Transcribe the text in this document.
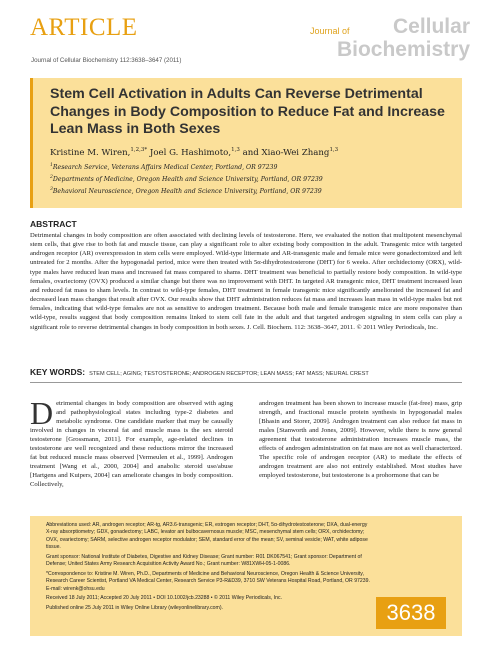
ARTICLE
Journal of Cellular Biochemistry 112:3638–3647 (2011)
Journal of	Cellular
Biochemistry
Stem Cell Activation in Adults Can Reverse Detrimental Changes in Body Composition to Reduce Fat and Increase Lean Mass in Both Sexes
Kristine M. Wiren,$^{1,2,3*}$ Joel G. Hashimoto,$^{1,3}$ and Xiao-Wei Zhang$^{1,3}$
$^1$Research Service, Veterans Affairs Medical Center, Portland, OR 97239
$^2$Departments of Medicine, Oregon Health and Science University, Portland, OR 97239
$^3$Behavioral Neuroscience, Oregon Health and Science University, Portland, OR 97239
ABSTRACT
Detrimental changes in body composition are often associated with declining levels of testosterone. Here, we evaluated the notion that multipotent mesenchymal stem cells, that give rise to both fat and muscle tissue, can play a significant role to alter existing body composition in the adult. Transgenic mice with targeted androgen receptor (AR) overexpression in stem cells were employed. Wild-type littermate and AR-transgenic male and female mice were gonadectomized and left untreated for 2 months. After the hypogonadal period, mice were then treated with 5α-dihydrotestosterone (DHT) for 6 weeks. After orchidectomy (ORX), wild-type males have reduced lean mass and increased fat mass compared to shams. DHT treatment was beneficial to partially restore body composition. In wild-type females, ovariectomy (OVX) produced a similar change but there was no improvement with DHT. In targeted AR transgenic mice, DHT treatment increased lean and reduced fat mass to sham levels. In contrast to wild-type females, DHT treatment in female transgenic mice significantly ameliorated the increased fat and decreased lean mass changes that result after OVX. Our results show that DHT administration reduces fat mass and increases lean mass in wild-type males but not females, indicating that wild-type females are not as sensitive to androgen treatment. Because both male and female transgenic mice are more responsive than wild-type, results suggest that body composition remains linked to stem cell fate in the adult and that targeted androgen signaling in stem cells can play a significant role to reverse detrimental changes in body composition in both sexes. J. Cell. Biochem. 112: 3638–3647, 2011. © 2011 Wiley Periodicals, Inc.
KEY WORDS: STEM CELL; AGING; TESTOSTERONE; ANDROGEN RECEPTOR; LEAN MASS; FAT MASS; NEURAL CREST
Detrimental changes in body composition are observed with aging and pathophysiological states including type-2 diabetes and metabolic syndrome. One candidate marker that may be causally involved in changes in visceral fat and muscle mass is the sex steroid testosterone [Grossmann, 2011]. For example, age-related declines in testosterone are well recognized and these reductions mirror the increased fat but reduced muscle mass observed [Vermeulen et al., 1999]. Androgen treatment [Wang et al., 2000, 2004] and anabolic steroid use/abuse [Hartgens and Kuipers, 2004] can ameliorate changes in body composition. Collectively,
androgen treatment has been shown to increase muscle (fat-free) mass, grip strength, and fractional muscle protein synthesis in hypogonadal males [Bhasin and Storer, 2009]. Androgen treatment can also reduce fat mass in males [Stanworth and Jones, 2009]. However, while there is now general agreement that testosterone administration increases muscle mass, the effects of androgen administration on fat mass are not as well characterized. The specific role of androgen receptor (AR) to mediate the effects of androgen treatment are also not entirely established. Most studies have employed testosterone, but testosterone is a prohormone that can be

Abbreviations used: AR, androgen receptor; AR-tg, AR3.6-transgenic; ER, estrogen receptor; DHT, 5α-dihydrotestosterone; DXA, dual-energy X-ray absorptiometry; GDX, gonadectomy; LABC, levator ani bulbocavernosus muscle; MSC, mesenchymal stem cells; ORX, orchidectomy; OVX, ovariectomy; SARM, selective androgen receptor modulator; SEM, standard error of the mean; SV, seminal vesicle; WAT, white adipose tissue.

Grant sponsor: National Institute of Diabetes, Digestive and Kidney Disease; Grant number: R01 DK067541; Grant sponsor: Department of Defense; United States Army Research Acquisition Activity Award No.; Grant number: W81XWH-05-1-0086.

*Correspondence to: Kristine M. Wiren, Ph.D., Departments of Medicine and Behavioral Neuroscience, Oregon Health & Science University, Research Career Scientist, Portland VA Medical Center, Research Service P3-R&D39, 3710 SW Veterans Hospital Road, Portland, OR 97239. E-mail: wirenk@ohsu.edu

Received 18 July 2011; Accepted 20 July 2011 • DOI 10.1002/jcb.23288 • © 2011 Wiley Periodicals, Inc.

Published online 25 July 2011 in Wiley Online Library (wileyonlinelibrary.com).	3638
